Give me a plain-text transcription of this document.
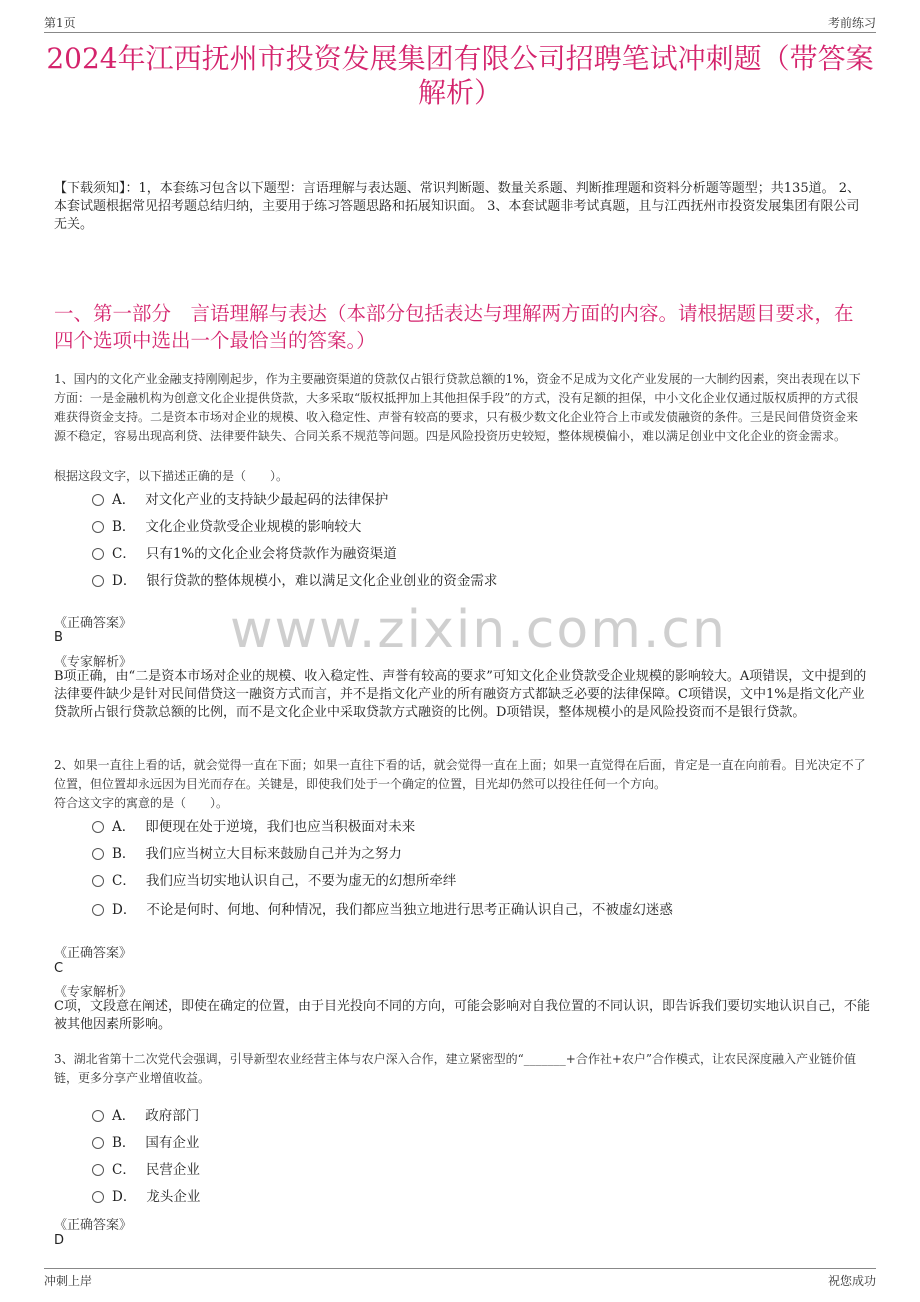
第1页	考前练习
2024年江西抚州市投资发展集团有限公司招聘笔试冲刺题（带答案解析）
【下载须知】：1，本套练习包含以下题型：言语理解与表达题、常识判断题、数量关系题、判断推理题和资料分析题等题型；共135道。 2、本套试题根据常见招考题总结归纳，主要用于练习答题思路和拓展知识面。 3、本套试题非考试真题，且与江西抚州市投资发展集团有限公司无关。
一、第一部分　言语理解与表达（本部分包括表达与理解两方面的内容。请根据题目要求，在四个选项中选出一个最恰当的答案。）
www.zixin.com.cn
1、国内的文化产业金融支持刚刚起步，作为主要融资渠道的贷款仅占银行贷款总额的1%，资金不足成为文化产业发展的一大制约因素，突出表现在以下方面：一是金融机构为创意文化企业提供贷款，大多采取“版权抵押加上其他担保手段”的方式，没有足额的担保，中小文化企业仅通过版权质押的方式很难获得资金支持。二是资本市场对企业的规模、收入稳定性、声誉有较高的要求，只有极少数文化企业符合上市或发债融资的条件。三是民间借贷资金来源不稳定，容易出现高利贷、法律要件缺失、合同关系不规范等问题。四是风险投资历史较短，整体规模偏小，难以满足创业中文化企业的资金需求。
根据这段文字，以下描述正确的是（　　）。
A． 对文化产业的支持缺少最起码的法律保护
B． 文化企业贷款受企业规模的影响较大
C． 只有1%的文化企业会将贷款作为融资渠道
D． 银行贷款的整体规模小，难以满足文化企业创业的资金需求
《正确答案》
B
《专家解析》
B项正确，由“二是资本市场对企业的规模、收入稳定性、声誉有较高的要求”可知文化企业贷款受企业规模的影响较大。A项错误，文中提到的法律要件缺少是针对民间借贷这一融资方式而言，并不是指文化产业的所有融资方式都缺乏必要的法律保障。C项错误，文中1%是指文化产业贷款所占银行贷款总额的比例，而不是文化企业中采取贷款方式融资的比例。D项错误，整体规模小的是风险投资而不是银行贷款。
2、如果一直往上看的话，就会觉得一直在下面；如果一直往下看的话，就会觉得一直在上面；如果一直觉得在后面，肯定是一直在向前看。目光决定不了位置，但位置却永远因为目光而存在。关键是，即使我们处于一个确定的位置，目光却仍然可以投往任何一个方向。
符合这文字的寓意的是（　　）。
A． 即便现在处于逆境，我们也应当积极面对未来
B． 我们应当树立大目标来鼓励自己并为之努力
C． 我们应当切实地认识自己，不要为虚无的幻想所牵绊
D． 不论是何时、何地、何种情况，我们都应当独立地进行思考正确认识自己，不被虚幻迷惑
《正确答案》
C
《专家解析》
C项，文段意在阐述，即使在确定的位置，由于目光投向不同的方向，可能会影响对自我位置的不同认识，即告诉我们要切实地认识自己，不能被其他因素所影响。
3、湖北省第十二次党代会强调，引导新型农业经营主体与农户深入合作，建立紧密型的“_______+合作社+农户”合作模式，让农民深度融入产业链价值链，更多分享产业增值收益。
A． 政府部门
B． 国有企业
C． 民营企业
D． 龙头企业
《正确答案》
D
冲刺上岸	祝您成功
